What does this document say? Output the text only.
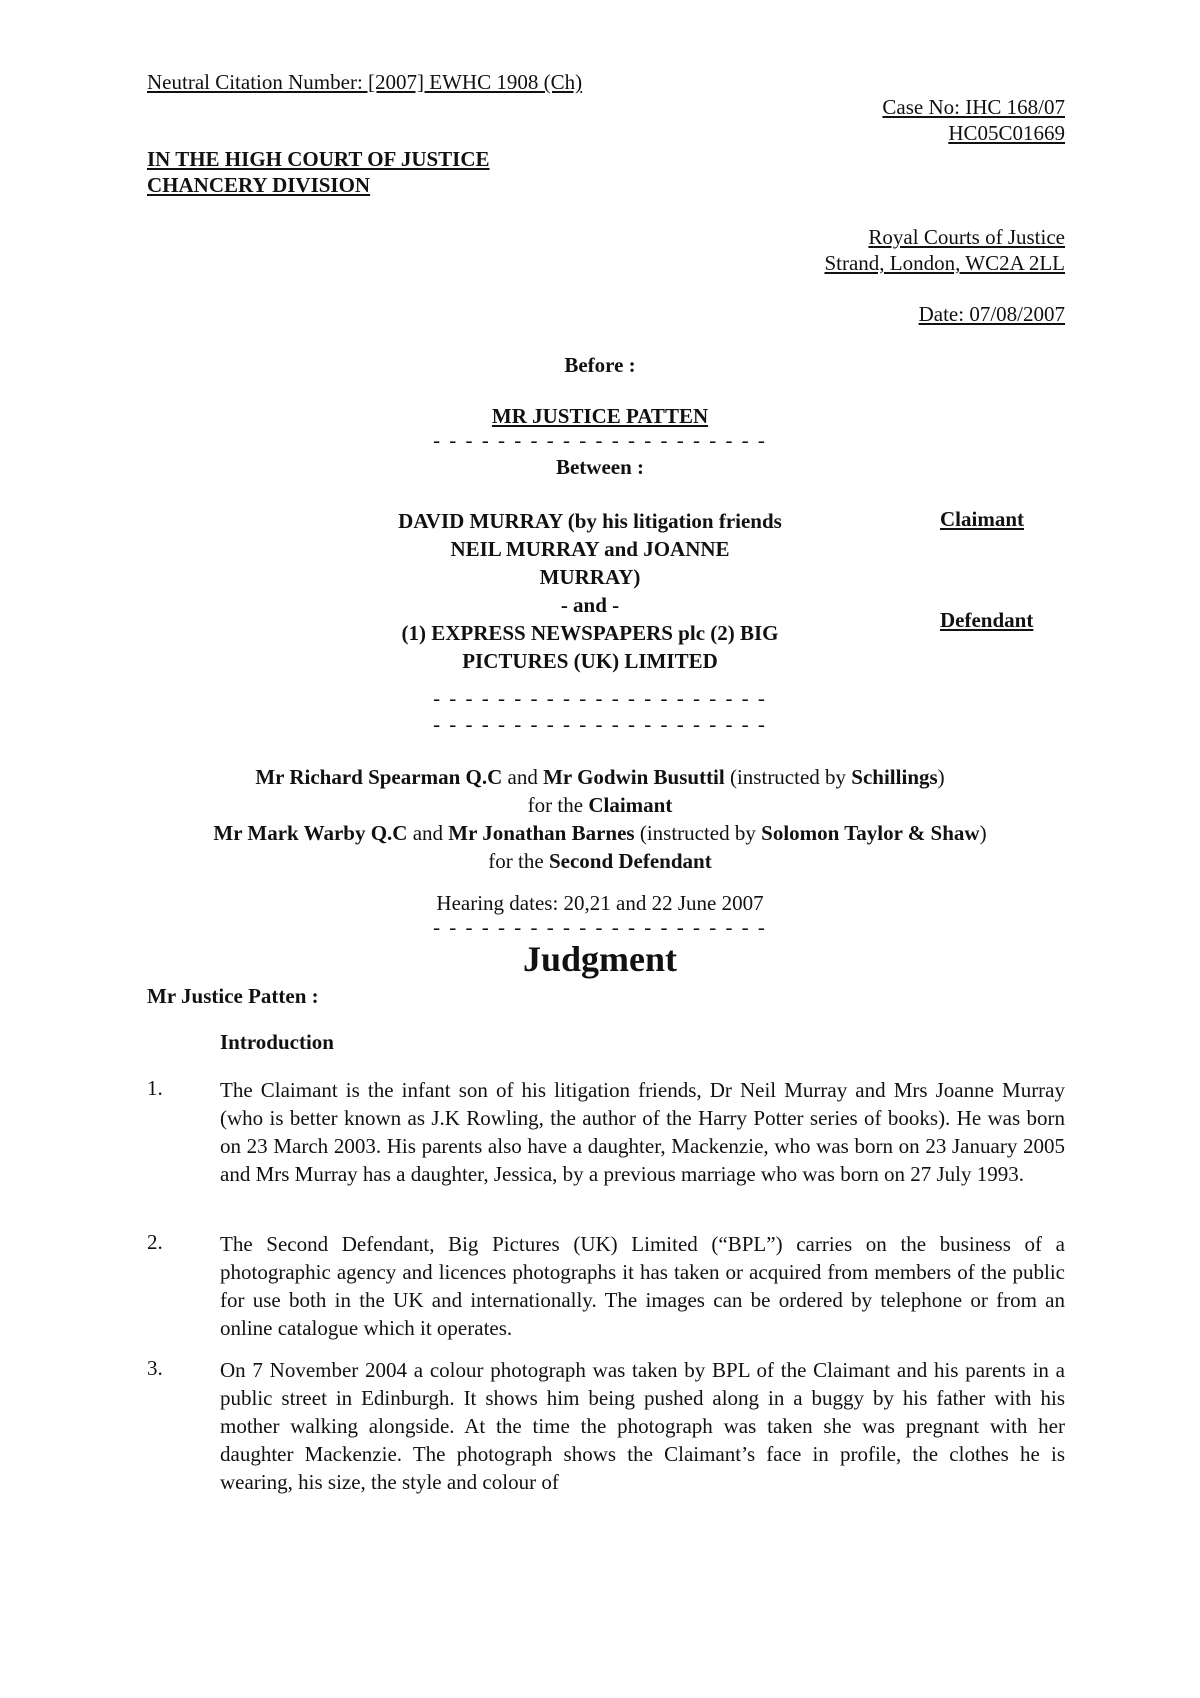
Neutral Citation Number: [2007] EWHC 1908 (Ch)
Case No: IHC 168/07
HC05C01669
IN THE HIGH COURT OF JUSTICE
CHANCERY DIVISION
Royal Courts of Justice
Strand, London, WC2A 2LL
Date: 07/08/2007
Before :
MR JUSTICE PATTEN
- - - - - - - - - - - - - - - - - - - - -
Between :
DAVID MURRAY (by his litigation friends
NEIL MURRAY and JOANNE
MURRAY)
- and -
(1) EXPRESS NEWSPAPERS plc (2) BIG
PICTURES (UK) LIMITED
Claimant
Defendant
- - - - - - - - - - - - - - - - - - - - -
- - - - - - - - - - - - - - - - - - - - -
Mr Richard Spearman Q.C and Mr Godwin Busuttil (instructed by Schillings)
for the Claimant
Mr Mark Warby Q.C and Mr Jonathan Barnes (instructed by Solomon Taylor & Shaw)
for the Second Defendant
Hearing dates: 20,21 and 22 June 2007
- - - - - - - - - - - - - - - - - - - - -
Judgment
Mr Justice Patten :
Introduction
1.	The Claimant is the infant son of his litigation friends, Dr Neil Murray and Mrs Joanne Murray (who is better known as J.K Rowling, the author of the Harry Potter series of books). He was born on 23 March 2003. His parents also have a daughter, Mackenzie, who was born on 23 January 2005 and Mrs Murray has a daughter, Jessica, by a previous marriage who was born on 27 July 1993.
2.	The Second Defendant, Big Pictures (UK) Limited (“BPL”) carries on the business of a photographic agency and licences photographs it has taken or acquired from members of the public for use both in the UK and internationally. The images can be ordered by telephone or from an online catalogue which it operates.
3.	On 7 November 2004 a colour photograph was taken by BPL of the Claimant and his parents in a public street in Edinburgh. It shows him being pushed along in a buggy by his father with his mother walking alongside. At the time the photograph was taken she was pregnant with her daughter Mackenzie. The photograph shows the Claimant’s face in profile, the clothes he is wearing, his size, the style and colour of
